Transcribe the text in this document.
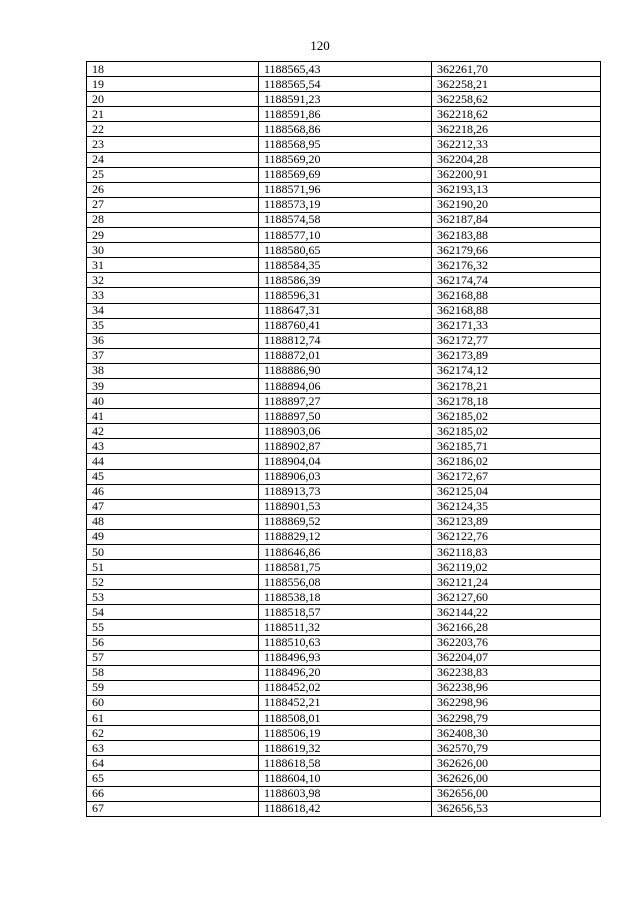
120
18	1188565,43	362261,70
19	1188565,54	362258,21
20	1188591,23	362258,62
21	1188591,86	362218,62
22	1188568,86	362218,26
23	1188568,95	362212,33
24	1188569,20	362204,28
25	1188569,69	362200,91
26	1188571,96	362193,13
27	1188573,19	362190,20
28	1188574,58	362187,84
29	1188577,10	362183,88
30	1188580,65	362179,66
31	1188584,35	362176,32
32	1188586,39	362174,74
33	1188596,31	362168,88
34	1188647,31	362168,88
35	1188760,41	362171,33
36	1188812,74	362172,77
37	1188872,01	362173,89
38	1188886,90	362174,12
39	1188894,06	362178,21
40	1188897,27	362178,18
41	1188897,50	362185,02
42	1188903,06	362185,02
43	1188902,87	362185,71
44	1188904,04	362186,02
45	1188906,03	362172,67
46	1188913,73	362125,04
47	1188901,53	362124,35
48	1188869,52	362123,89
49	1188829,12	362122,76
50	1188646,86	362118,83
51	1188581,75	362119,02
52	1188556,08	362121,24
53	1188538,18	362127,60
54	1188518,57	362144,22
55	1188511,32	362166,28
56	1188510,63	362203,76
57	1188496,93	362204,07
58	1188496,20	362238,83
59	1188452,02	362238,96
60	1188452,21	362298,96
61	1188508,01	362298,79
62	1188506,19	362408,30
63	1188619,32	362570,79
64	1188618,58	362626,00
65	1188604,10	362626,00
66	1188603,98	362656,00
67	1188618,42	362656,53
